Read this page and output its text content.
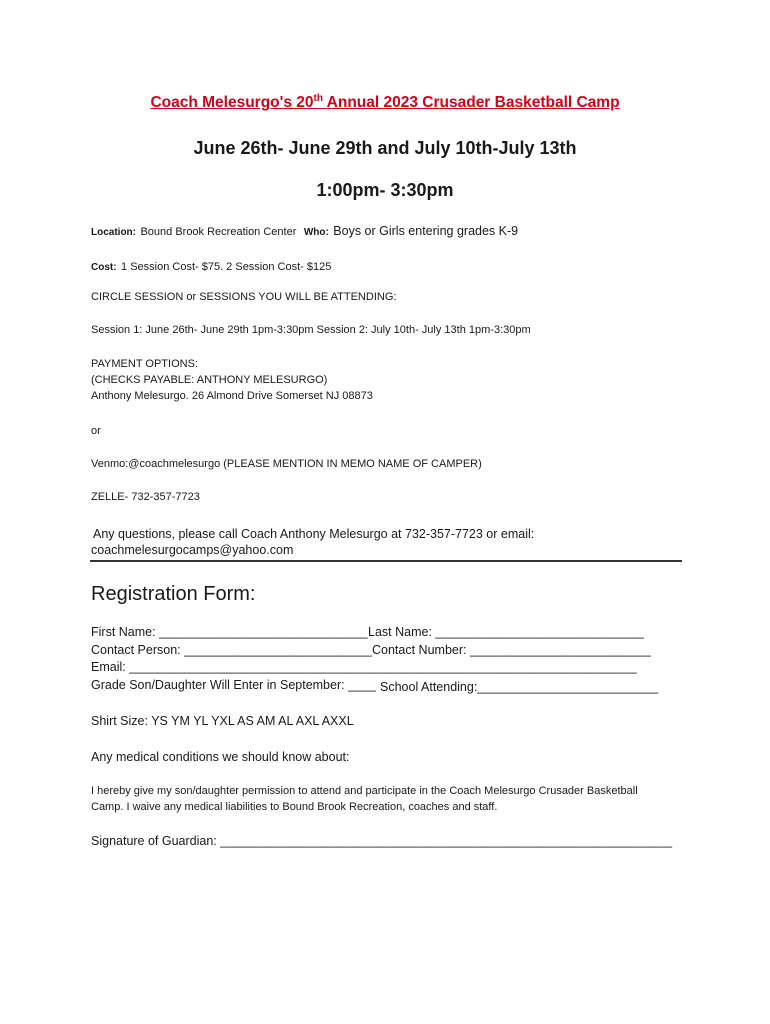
Coach Melesurgo's 20th Annual 2023 Crusader Basketball Camp
June 26th- June 29th and July 10th-July 13th
1:00pm- 3:30pm
Location: Bound Brook Recreation Center Who: Boys or Girls entering grades K-9
Cost: 1 Session Cost- $75. 2 Session Cost- $125
CIRCLE SESSION or SESSIONS YOU WILL BE ATTENDING:
Session 1: June 26th- June 29th 1pm-3:30pm Session 2: July 10th- July 13th 1pm-3:30pm
PAYMENT OPTIONS:
(CHECKS PAYABLE: ANTHONY MELESURGO)
Anthony Melesurgo. 26 Almond Drive Somerset NJ 08873
or
Venmo:@coachmelesurgo (PLEASE MENTION IN MEMO NAME OF CAMPER)
ZELLE- 732-357-7723
Any questions, please call Coach Anthony Melesurgo at 732-357-7723 or email:
coachmelesurgocamps@yahoo.com
Registration Form:
First Name: ______________________________ Last Name: ______________________________
Contact Person: ___________________________ Contact Number: __________________________
Email: _________________________________________________________________________
Grade Son/Daughter Will Enter in September: ____ School Attending:__________________________
Shirt Size: YS YM YL YXL AS AM AL AXL AXXL
Any medical conditions we should know about:
I hereby give my son/daughter permission to attend and participate in the Coach Melesurgo Crusader Basketball
Camp. I waive any medical liabilities to Bound Brook Recreation, coaches and staff.
Signature of Guardian: _________________________________________________________________
